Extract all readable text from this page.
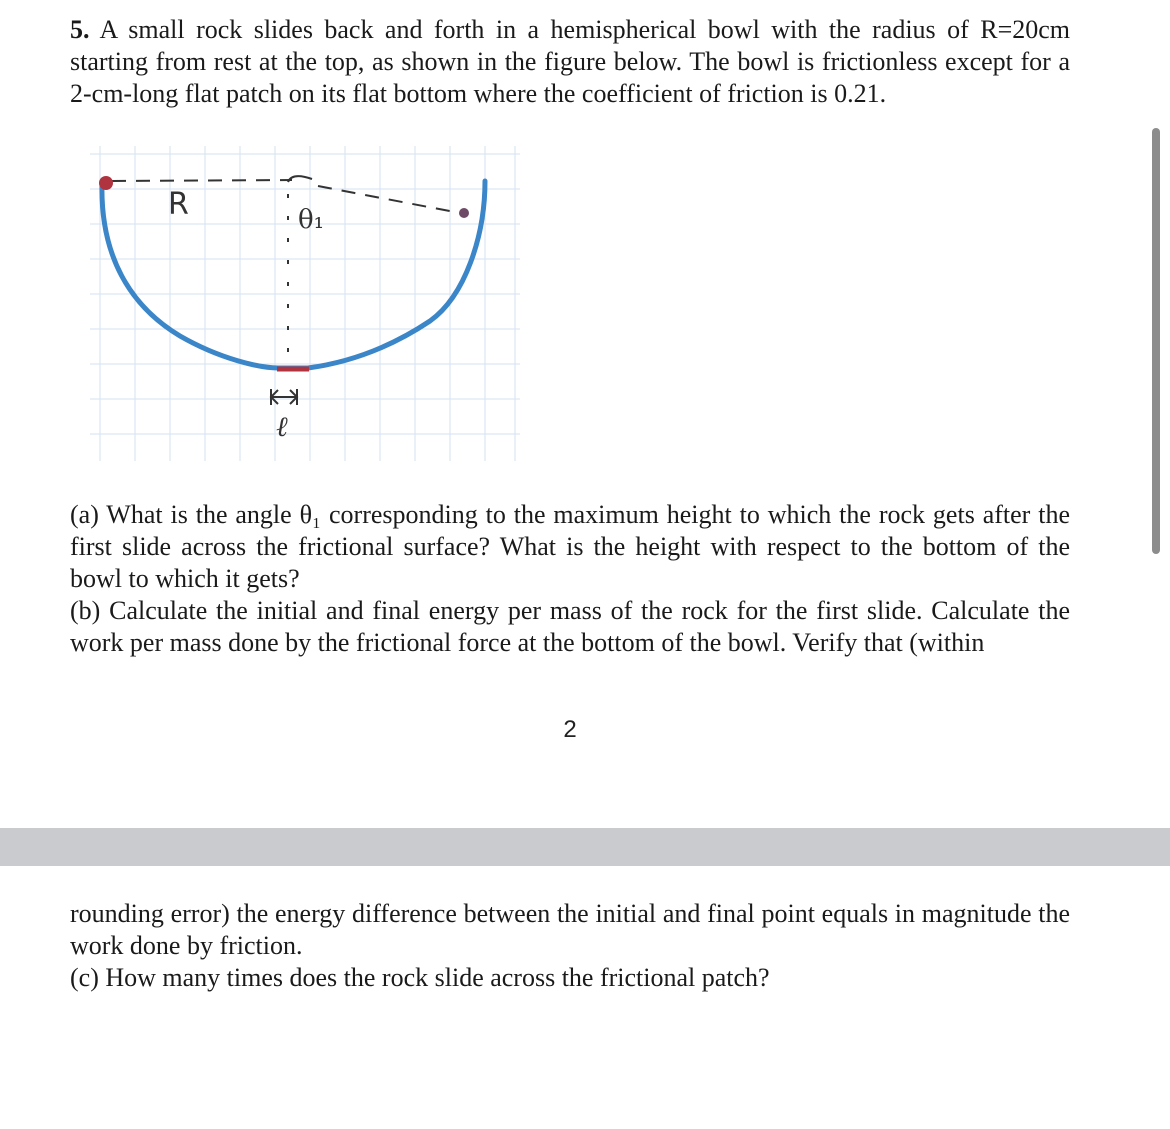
5. A small rock slides back and forth in a hemispherical bowl with the radius of R=20cm starting from rest at the top, as shown in the figure below. The bowl is frictionless except for a 2-cm-long flat patch on its flat bottom where the coefficient of friction is 0.21.

R	θ₁
ℓ

(a) What is the angle θ₁ corresponding to the maximum height to which the rock gets after the first slide across the frictional surface? What is the height with respect to the bottom of the bowl to which it gets?

(b) Calculate the initial and final energy per mass of the rock for the first slide. Calculate the work per mass done by the frictional force at the bottom of the bowl. Verify that (within

2

rounding error) the energy difference between the initial and final point equals in magnitude the work done by friction.

(c) How many times does the rock slide across the frictional patch?
